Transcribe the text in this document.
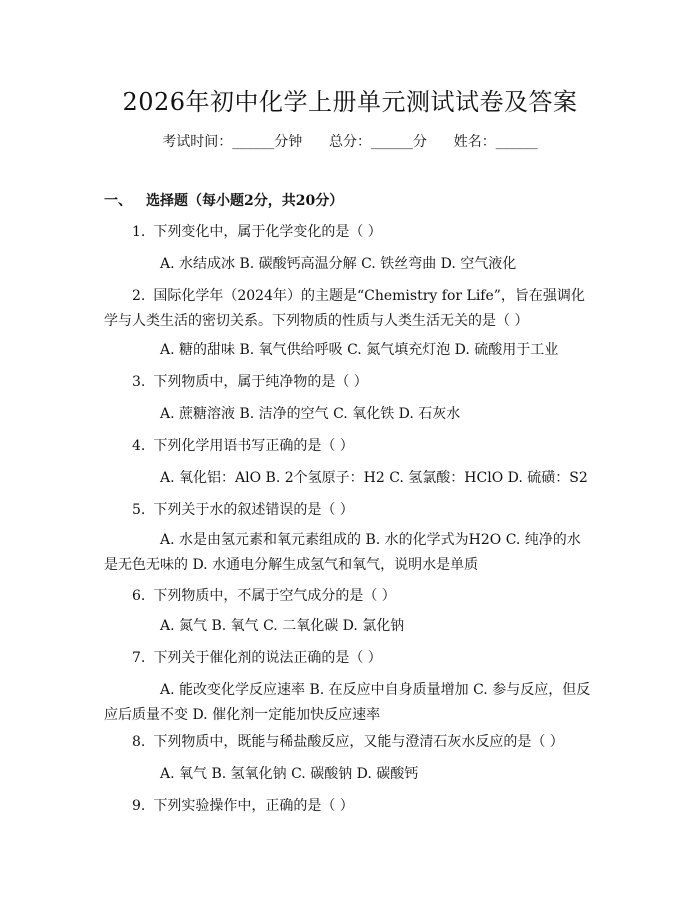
2026年初中化学上册单元测试试卷及答案
考试时间：______分钟 总分：______分 姓名：______
一、 选择题（每小题2分，共20分）
1. 下列变化中，属于化学变化的是（ ）
A. 水结成冰 B. 碳酸钙高温分解 C. 铁丝弯曲 D. 空气液化
2. 国际化学年（2024年）的主题是“Chemistry for Life”，旨在强调化学与人类生活的密切关系。下列物质的性质与人类生活无关的是（ ）
A. 糖的甜味 B. 氧气供给呼吸 C. 氮气填充灯泡 D. 硫酸用于工业
3. 下列物质中，属于纯净物的是（ ）
A. 蔗糖溶液 B. 洁净的空气 C. 氧化铁 D. 石灰水
4. 下列化学用语书写正确的是（ ）
A. 氧化铝：AlO B. 2个氢原子：H2 C. 氢氯酸：HClO D. 硫磺：S2
5. 下列关于水的叙述错误的是（ ）
A. 水是由氢元素和氧元素组成的 B. 水的化学式为H2O C. 纯净的水是无色无味的 D. 水通电分解生成氢气和氧气，说明水是单质
6. 下列物质中，不属于空气成分的是（ ）
A. 氮气 B. 氧气 C. 二氧化碳 D. 氯化钠
7. 下列关于催化剂的说法正确的是（ ）
A. 能改变化学反应速率 B. 在反应中自身质量增加 C. 参与反应，但反应后质量不变 D. 催化剂一定能加快反应速率
8. 下列物质中，既能与稀盐酸反应，又能与澄清石灰水反应的是（ ）
A. 氧气 B. 氢氧化钠 C. 碳酸钠 D. 碳酸钙
9. 下列实验操作中，正确的是（ ）
